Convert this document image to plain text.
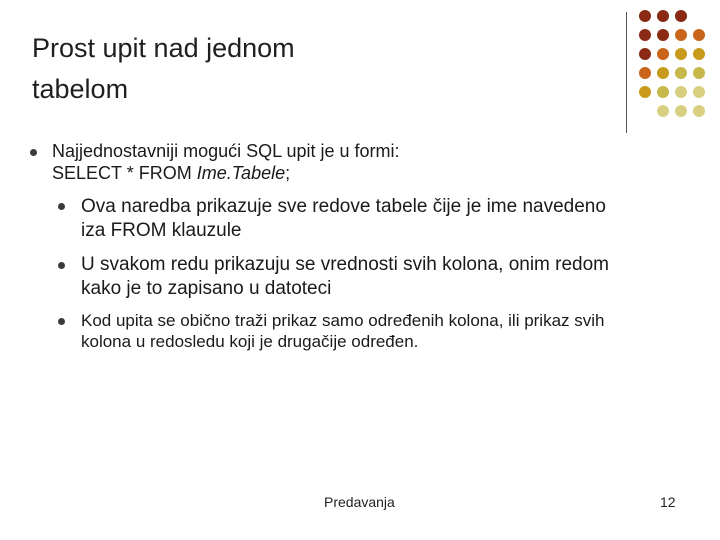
Prost upit nad jednom
tabelom
Najjednostavniji mogući SQL upit je u formi:
SELECT * FROM Ime.Tabele;
Ova naredba prikazuje sve redove tabele čije je ime navedeno
iza FROM klauzule
U svakom redu prikazuju se vrednosti svih kolona, onim redom
kako je to zapisano u datoteci
Kod upita se obično traži prikaz samo određenih kolona, ili prikaz svih
kolona u redosledu koji je drugačije određen.
Predavanja	12
